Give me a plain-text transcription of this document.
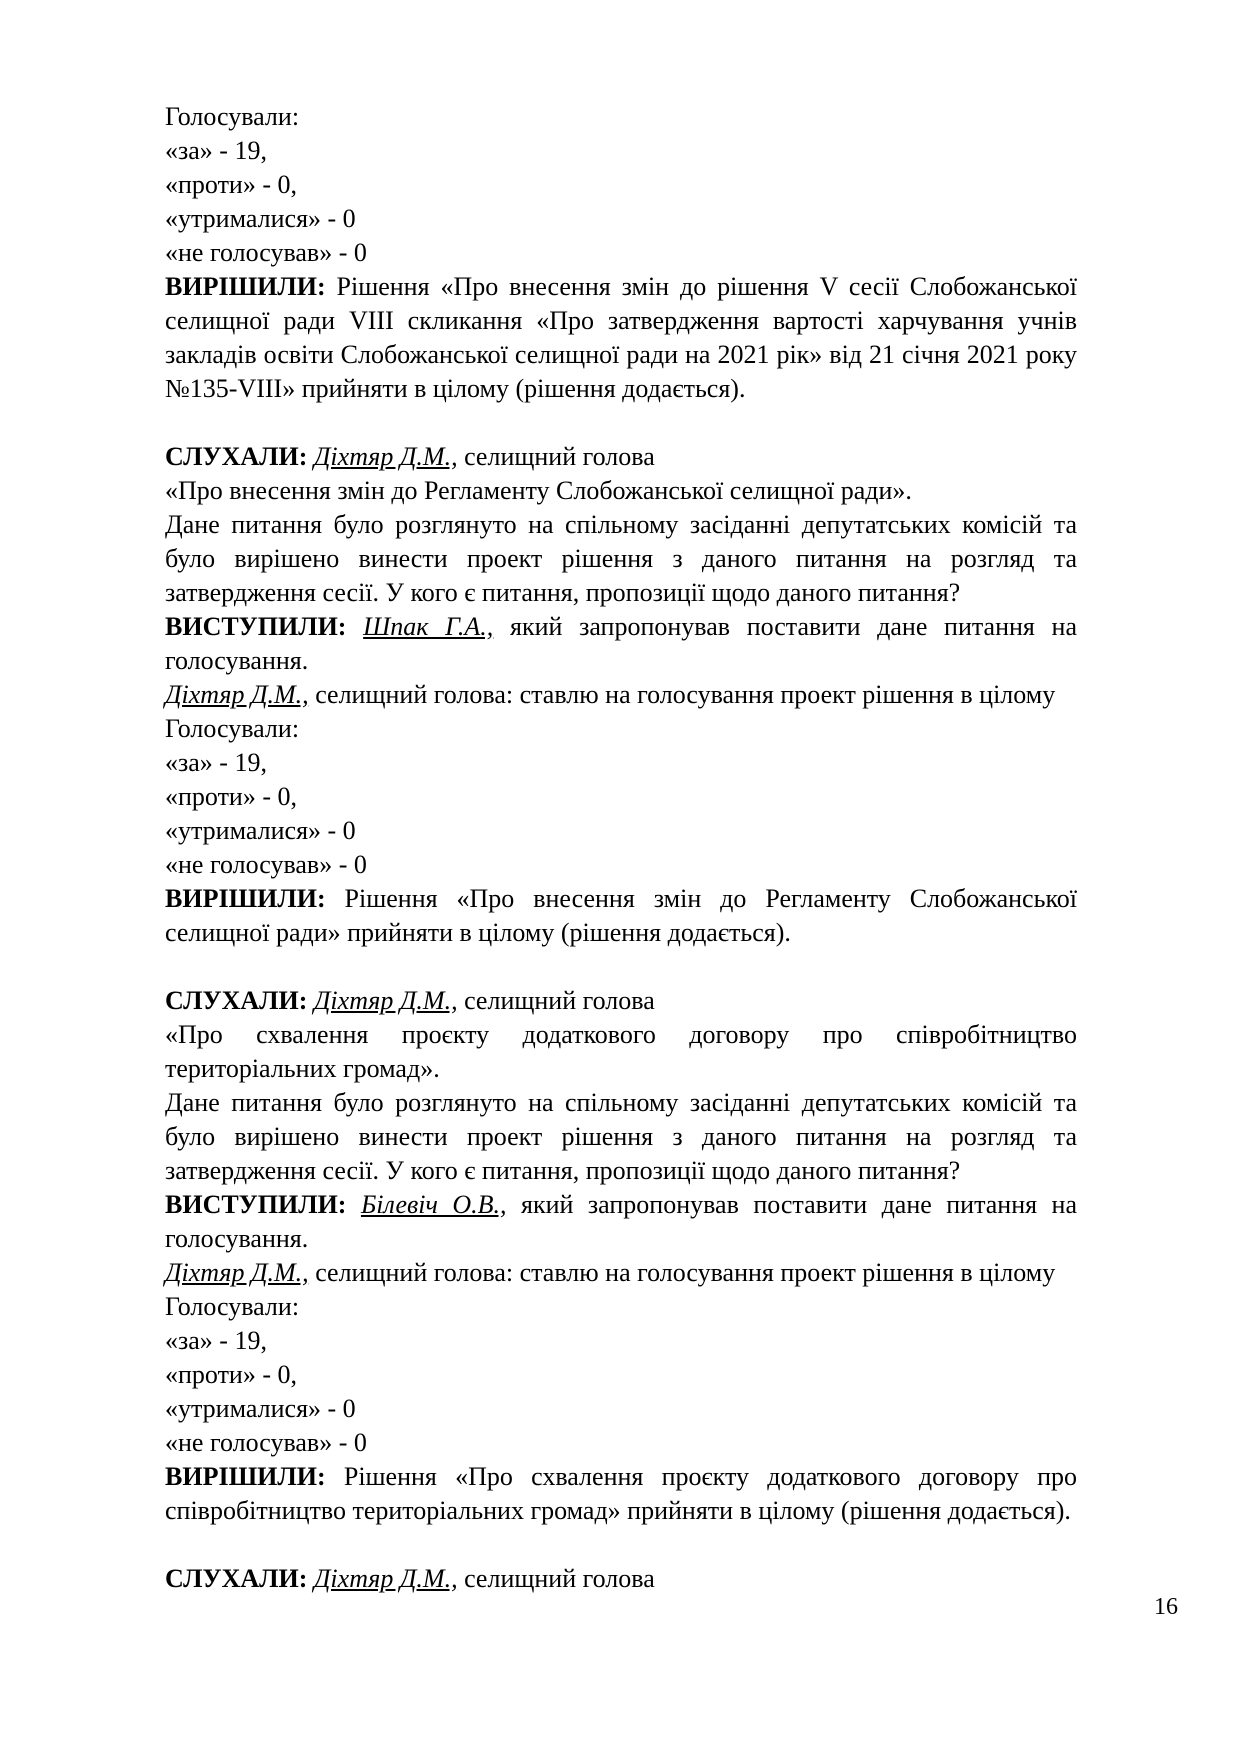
Голосували:
«за» - 19,
«проти» - 0,
«утрималися» - 0
«не голосував» - 0
ВИРІШИЛИ: Рішення «Про внесення змін до рішення V сесії Слобожанської селищної ради VIII скликання «Про затвердження вартості харчування учнів закладів освіти Слобожанської селищної ради на 2021 рік» від 21 січня 2021 року №135-VIII» прийняти в цілому (рішення додається).
СЛУХАЛИ: Діхтяр Д.М., селищний голова
«Про внесення змін до Регламенту Слобожанської селищної ради».
Дане питання було розглянуто на спільному засіданні депутатських комісій та було вирішено винести проект рішення з даного питання на розгляд та затвердження сесії. У кого є питання, пропозиції щодо даного питання?
ВИСТУПИЛИ: Шпак Г.А., який запропонував поставити дане питання на голосування.
Діхтяр Д.М., селищний голова: ставлю на голосування проект рішення в цілому
Голосували:
«за» - 19,
«проти» - 0,
«утрималися» - 0
«не голосував» - 0
ВИРІШИЛИ: Рішення «Про внесення змін до Регламенту Слобожанської селищної ради» прийняти в цілому (рішення додається).
СЛУХАЛИ: Діхтяр Д.М., селищний голова
«Про схвалення проєкту додаткового договору про співробітництво територіальних громад».
Дане питання було розглянуто на спільному засіданні депутатських комісій та було вирішено винести проект рішення з даного питання на розгляд та затвердження сесії. У кого є питання, пропозиції щодо даного питання?
ВИСТУПИЛИ: Білевіч О.В., який запропонував поставити дане питання на голосування.
Діхтяр Д.М., селищний голова: ставлю на голосування проект рішення в цілому
Голосували:
«за» - 19,
«проти» - 0,
«утрималися» - 0
«не голосував» - 0
ВИРІШИЛИ: Рішення «Про схвалення проєкту додаткового договору про співробітництво територіальних громад» прийняти в цілому (рішення додається).
СЛУХАЛИ: Діхтяр Д.М., селищний голова
16
